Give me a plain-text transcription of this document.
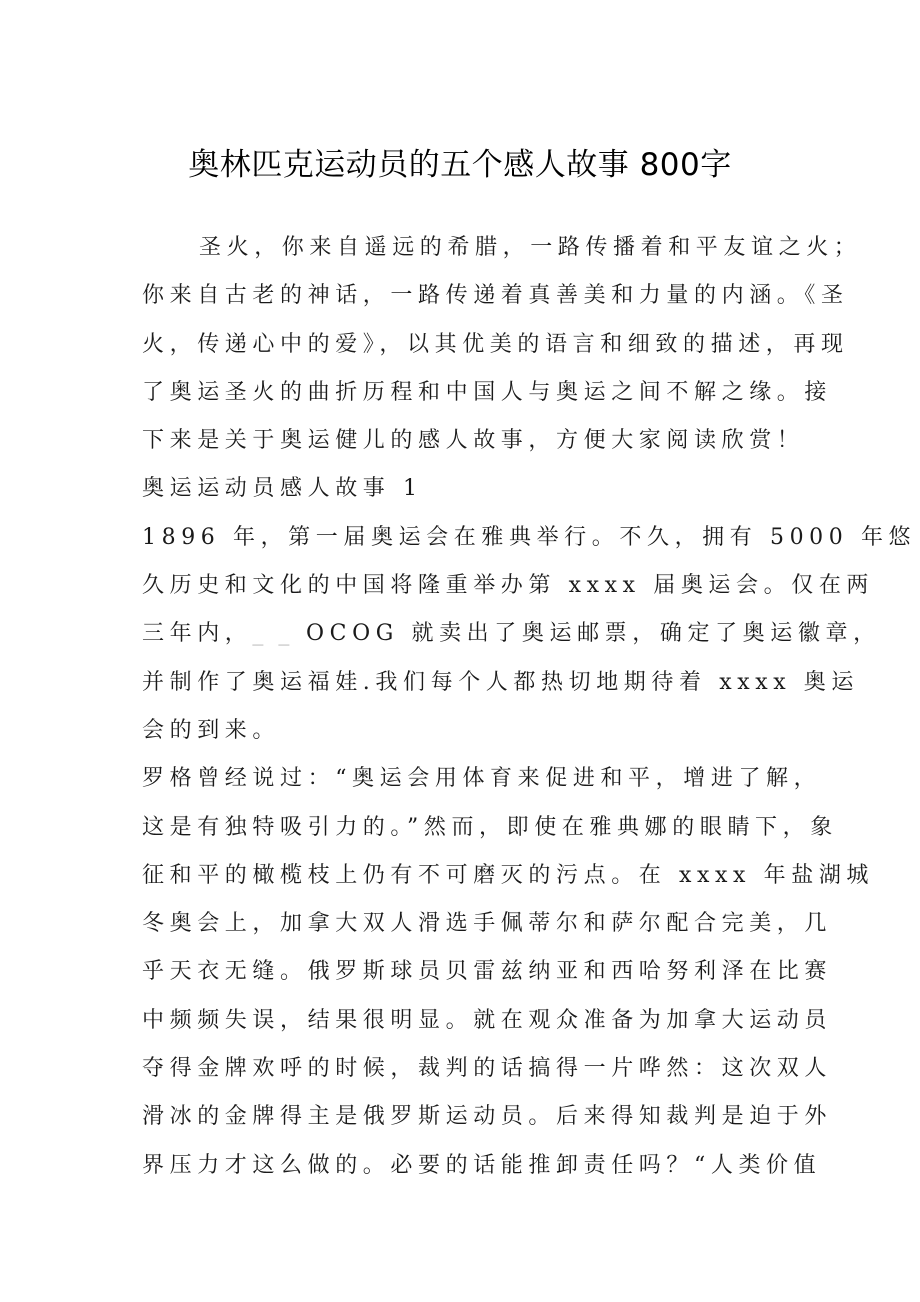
奥林匹克运动员的五个感人故事 800字

圣火，你来自遥远的希腊，一路传播着和平友谊之火；
你来自古老的神话，一路传递着真善美和力量的内涵。《圣
火，传递心中的爱》，以其优美的语言和细致的描述，再现
了奥运圣火的曲折历程和中国人与奥运之间不解之缘。接
下来是关于奥运健儿的感人故事，方便大家阅读欣赏！

奥运运动员感人故事 1

1896 年，第一届奥运会在雅典举行。不久，拥有 5000 年悠
久历史和文化的中国将隆重举办第 xxxx 届奥运会。仅在两
三年内，_ _ OCOG 就卖出了奥运邮票，确定了奥运徽章，
并制作了奥运福娃.我们每个人都热切地期待着 xxxx 奥运
会的到来。

罗格曾经说过：“奥运会用体育来促进和平，增进了解，
这是有独特吸引力的。”然而，即使在雅典娜的眼睛下，象
征和平的橄榄枝上仍有不可磨灭的污点。在 xxxx 年盐湖城
冬奥会上，加拿大双人滑选手佩蒂尔和萨尔配合完美，几
乎天衣无缝。俄罗斯球员贝雷兹纳亚和西哈努利泽在比赛
中频频失误，结果很明显。就在观众准备为加拿大运动员
夺得金牌欢呼的时候，裁判的话搞得一片哗然：这次双人
滑冰的金牌得主是俄罗斯运动员。后来得知裁判是迫于外
界压力才这么做的。必要的话能推卸责任吗？“人类价值
